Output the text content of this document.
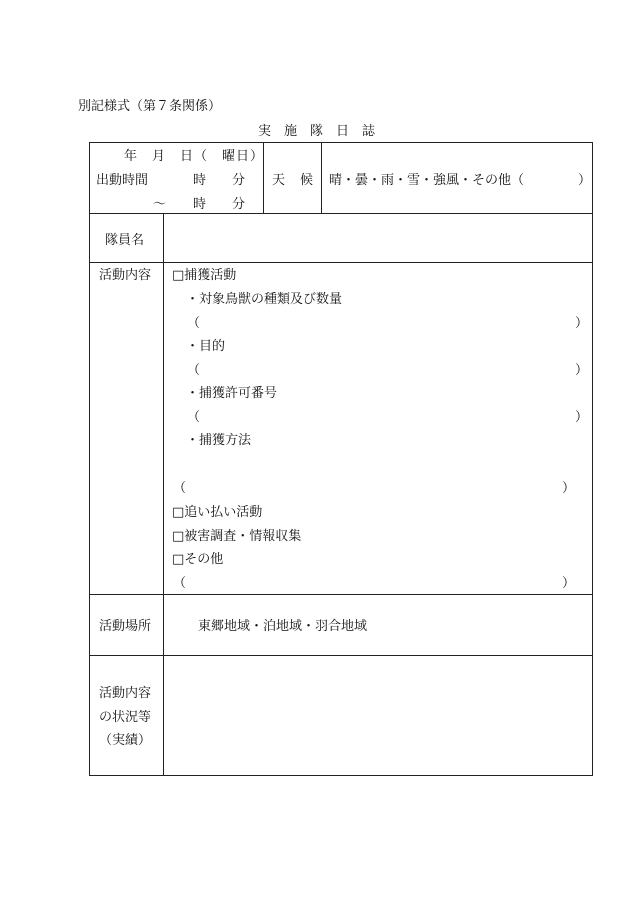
別記様式（第７条関係）
実　施　隊　日　誌
年　月　日（　曜日）
出動時間	時 分
～ 時 分
天　候 晴・曇・雨・雪・強風・その他（	）
隊員名
活動内容 □捕獲活動
・対象鳥獣の種類及び数量
（	）
・目的
（	）
・捕獲許可番号
（	）
・捕獲方法
（	）
□追い払い活動
□被害調査・情報収集
□その他
（	）
活動場所	東郷地域・泊地域・羽合地域
活動内容
の状況等
（実績）
